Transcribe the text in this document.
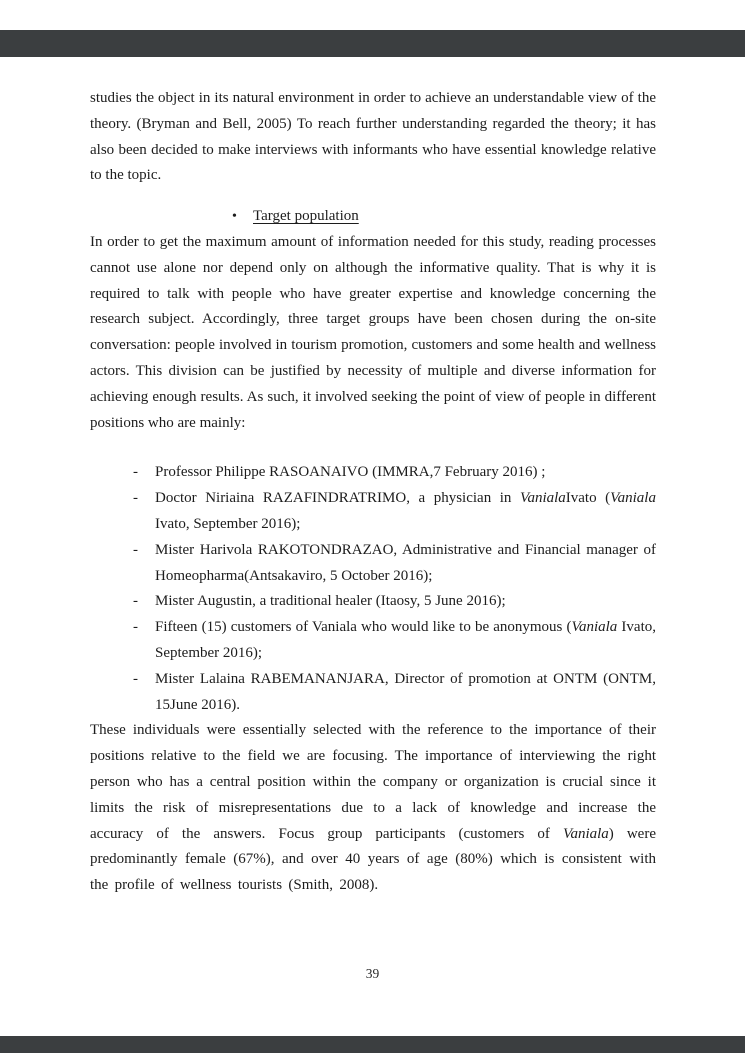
studies the object in its natural environment in order to achieve an understandable view of the theory. (Bryman and Bell, 2005) To reach further understanding regarded the theory; it has also been decided to make interviews with informants who have essential knowledge relative to the topic.

• Target population

In order to get the maximum amount of information needed for this study, reading processes cannot use alone nor depend only on although the informative quality. That is why it is required to talk with people who have greater expertise and knowledge concerning the research subject. Accordingly, three target groups have been chosen during the on-site conversation: people involved in tourism promotion, customers and some health and wellness actors. This division can be justified by necessity of multiple and diverse information for achieving enough results. As such, it involved seeking the point of view of people in different positions who are mainly:

- Professor Philippe RASOANAIVO (IMMRA,7 February 2016) ;
- Doctor Niriaina RAZAFINDRATRIMO, a physician in VanialaIvato (Vaniala Ivato, September 2016);
- Mister Harivola RAKOTONDRAZAO, Administrative and Financial manager of Homeopharma(Antsakaviro, 5 October 2016);
- Mister Augustin, a traditional healer (Itaosy, 5 June 2016);
- Fifteen (15) customers of Vaniala who would like to be anonymous (Vaniala Ivato, September 2016);
- Mister Lalaina RABEMANANJARA, Director of promotion at ONTM (ONTM, 15June 2016).

These individuals were essentially selected with the reference to the importance of their positions relative to the field we are focusing. The importance of interviewing the right person who has a central position within the company or organization is crucial since it limits the risk of misrepresentations due to a lack of knowledge and increase the accuracy of the answers. Focus group participants (customers of Vaniala) were predominantly female (67%), and over 40 years of age (80%) which is consistent with the profile of wellness tourists (Smith, 2008).

39
